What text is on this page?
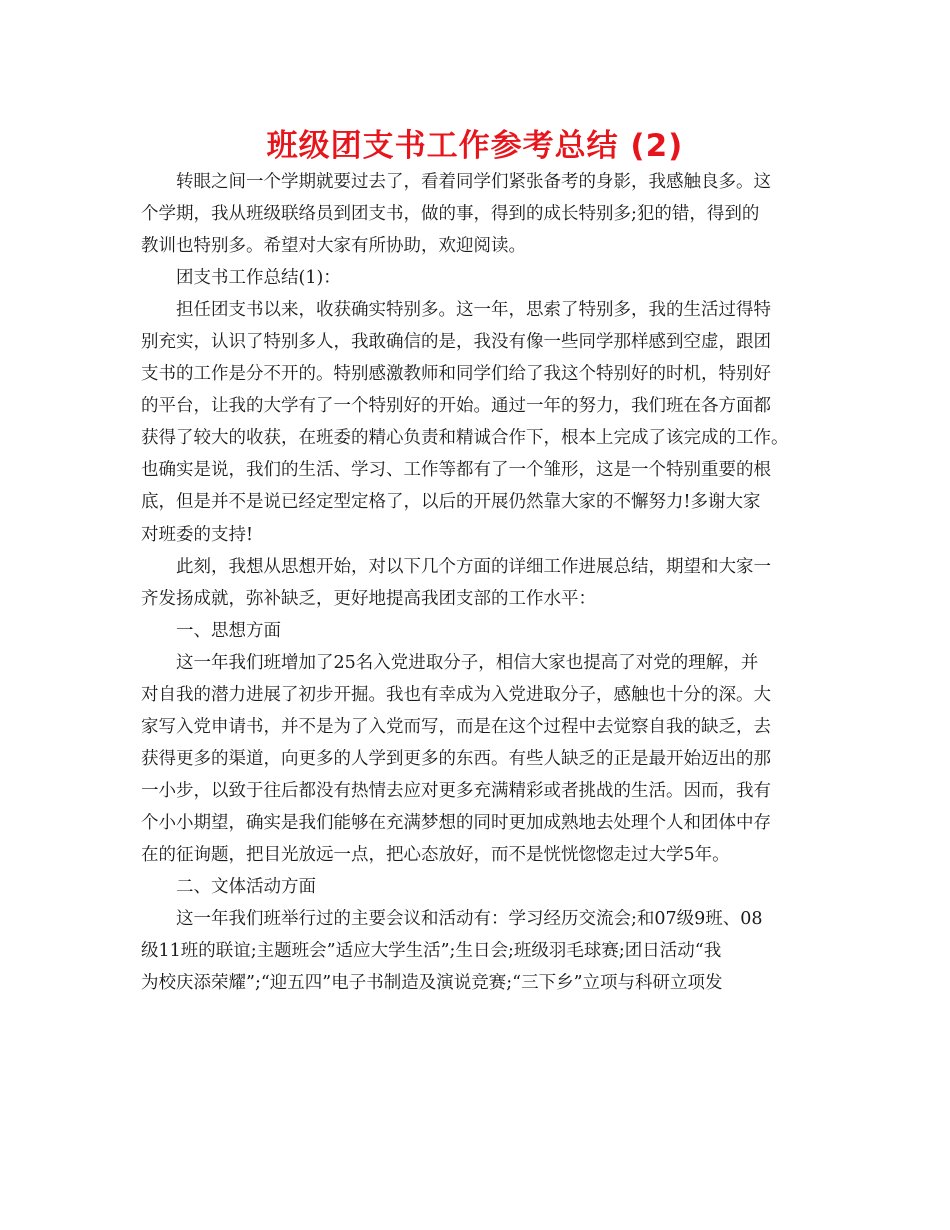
班级团支书工作参考总结 (2)
转眼之间一个学期就要过去了，看着同学们紧张备考的身影，我感触良多。这
个学期，我从班级联络员到团支书，做的事，得到的成长特别多;犯的错，得到的
教训也特别多。希望对大家有所协助，欢迎阅读。
团支书工作总结(1)：
担任团支书以来，收获确实特别多。这一年，思索了特别多，我的生活过得特
别充实，认识了特别多人，我敢确信的是，我没有像一些同学那样感到空虚，跟团
支书的工作是分不开的。特别感激教师和同学们给了我这个特别好的时机，特别好
的平台，让我的大学有了一个特别好的开始。通过一年的努力，我们班在各方面都
获得了较大的收获，在班委的精心负责和精诚合作下，根本上完成了该完成的工作。
也确实是说，我们的生活、学习、工作等都有了一个雏形，这是一个特别重要的根
底，但是并不是说已经定型定格了，以后的开展仍然靠大家的不懈努力!多谢大家
对班委的支持!
此刻，我想从思想开始，对以下几个方面的详细工作进展总结，期望和大家一
齐发扬成就，弥补缺乏，更好地提高我团支部的工作水平：
一、思想方面
这一年我们班增加了25名入党进取分子，相信大家也提高了对党的理解，并
对自我的潜力进展了初步开掘。我也有幸成为入党进取分子，感触也十分的深。大
家写入党申请书，并不是为了入党而写，而是在这个过程中去觉察自我的缺乏，去
获得更多的渠道，向更多的人学到更多的东西。有些人缺乏的正是最开始迈出的那
一小步，以致于往后都没有热情去应对更多充满精彩或者挑战的生活。因而，我有
个小小期望，确实是我们能够在充满梦想的同时更加成熟地去处理个人和团体中存
在的征询题，把目光放远一点，把心态放好，而不是恍恍惚惚走过大学5年。
二、文体活动方面
这一年我们班举行过的主要会议和活动有：学习经历交流会;和07级9班、08
级11班的联谊;主题班会”适应大学生活”;生日会;班级羽毛球赛;团日活动“我
为校庆添荣耀”;“迎五四”电子书制造及演说竞赛;“三下乡”立项与科研立项发
